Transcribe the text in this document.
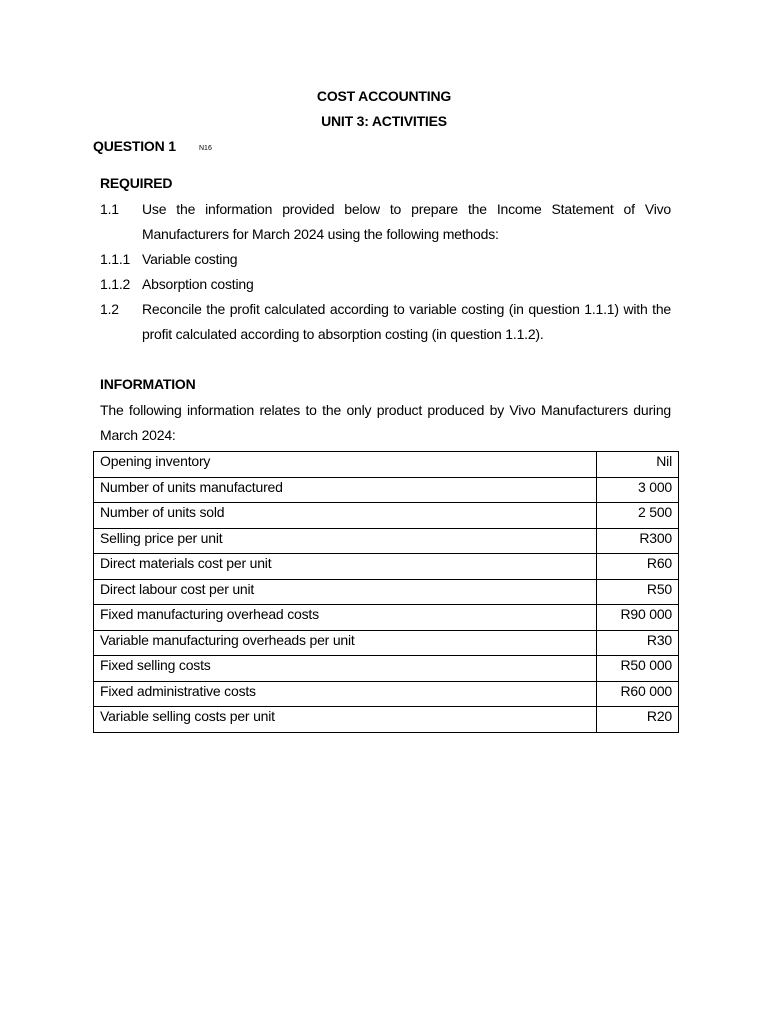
COST ACCOUNTING
UNIT 3: ACTIVITIES
QUESTION 1	N16
REQUIRED
1.1 Use the information provided below to prepare the Income Statement of Vivo Manufacturers for March 2024 using the following methods:
1.1.1 Variable costing
1.1.2 Absorption costing
1.2 Reconcile the profit calculated according to variable costing (in question 1.1.1) with the profit calculated according to absorption costing (in question 1.1.2).
INFORMATION
The following information relates to the only product produced by Vivo Manufacturers during March 2024:
Opening inventory	Nil
Number of units manufactured	3 000
Number of units sold	2 500
Selling price per unit	R300
Direct materials cost per unit	R60
Direct labour cost per unit	R50
Fixed manufacturing overhead costs	R90 000
Variable manufacturing overheads per unit	R30
Fixed selling costs	R50 000
Fixed administrative costs	R60 000
Variable selling costs per unit	R20
